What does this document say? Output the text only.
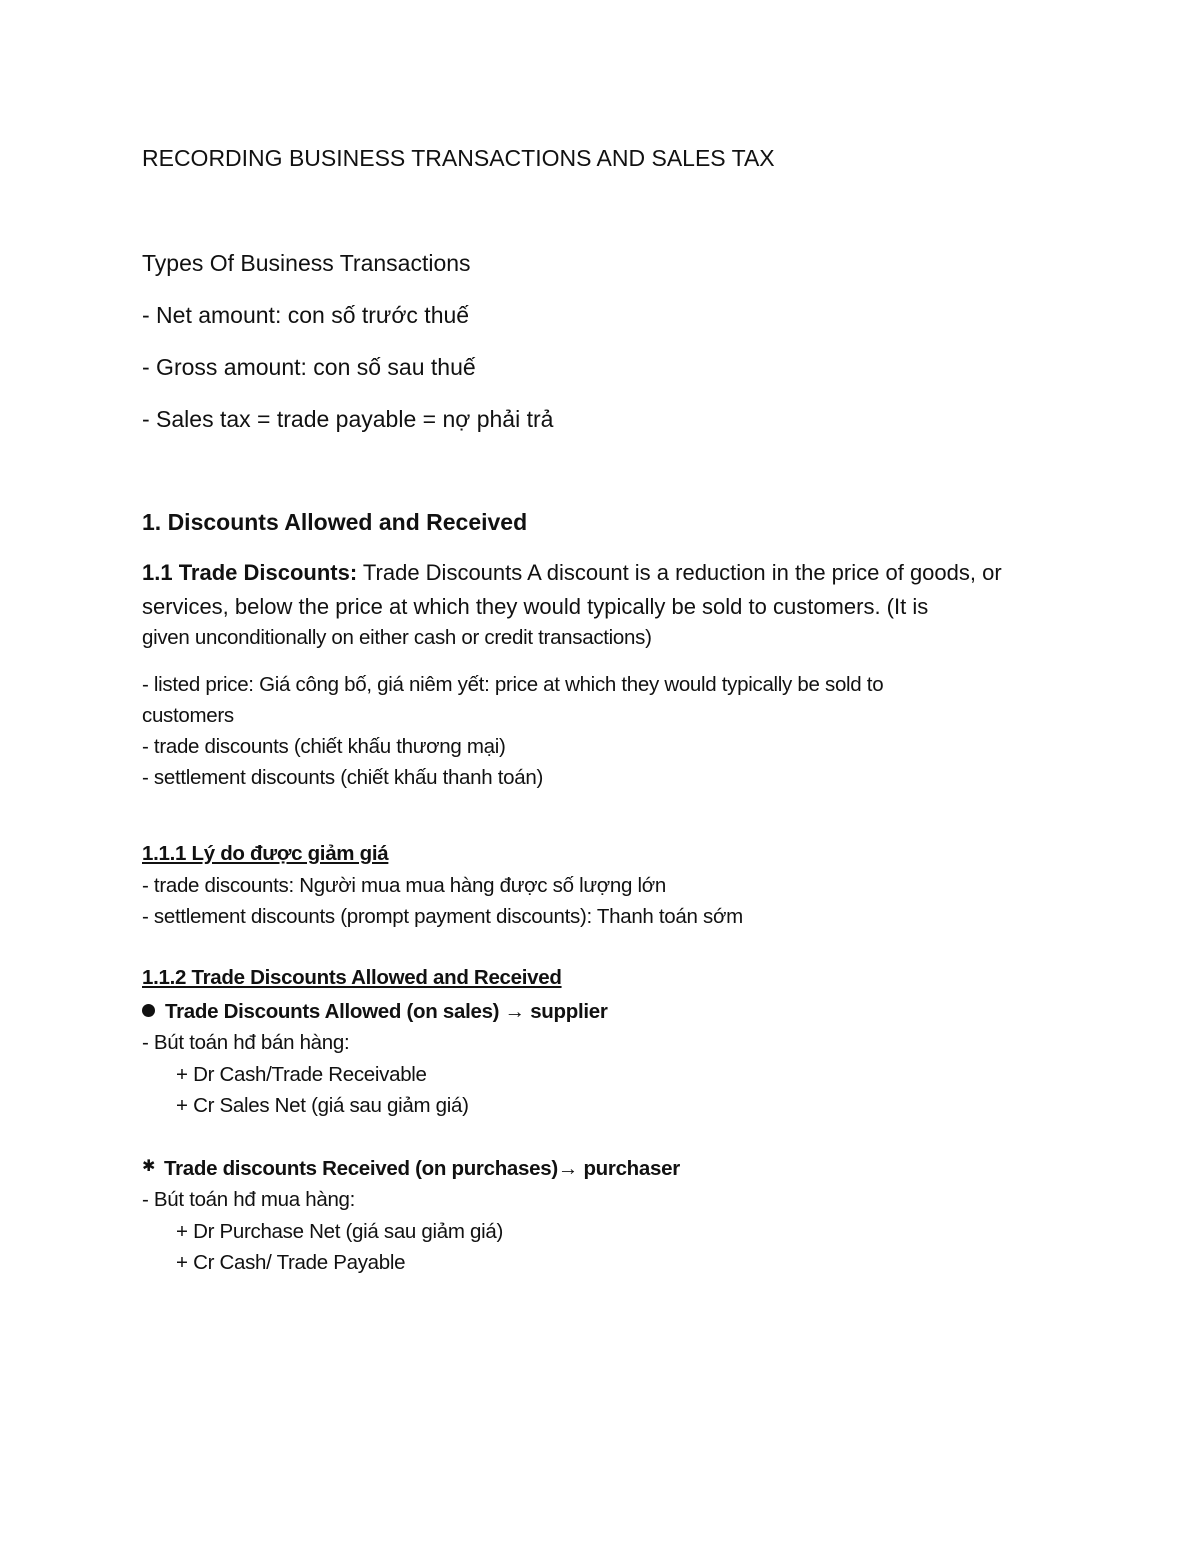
RECORDING BUSINESS TRANSACTIONS AND SALES TAX
Types Of Business Transactions
- Net amount: con số trước thuế
- Gross amount: con số sau thuế
- Sales tax = trade payable = nợ phải trả
1. Discounts Allowed and Received
1.1 Trade Discounts: Trade Discounts A discount is a reduction in the price of goods, or
services, below the price at which they would typically be sold to customers. (It is
given unconditionally on either cash or credit transactions)
- listed price: Giá công bố, giá niêm yết: price at which they would typically be sold to
customers
- trade discounts (chiết khấu thương mại)
- settlement discounts (chiết khấu thanh toán)
1.1.1 Lý do được giảm giá
- trade discounts: Người mua mua hàng được số lượng lớn
- settlement discounts (prompt payment discounts): Thanh toán sớm
1.1.2 Trade Discounts Allowed and Received
Trade Discounts Allowed (on sales) → supplier
- Bút toán hđ bán hàng:
+ Dr Cash/Trade Receivable
+ Cr Sales Net (giá sau giảm giá)
✱ Trade discounts Received (on purchases)→ purchaser
- Bút toán hđ mua hàng:
+ Dr Purchase Net (giá sau giảm giá)
+ Cr Cash/ Trade Payable
